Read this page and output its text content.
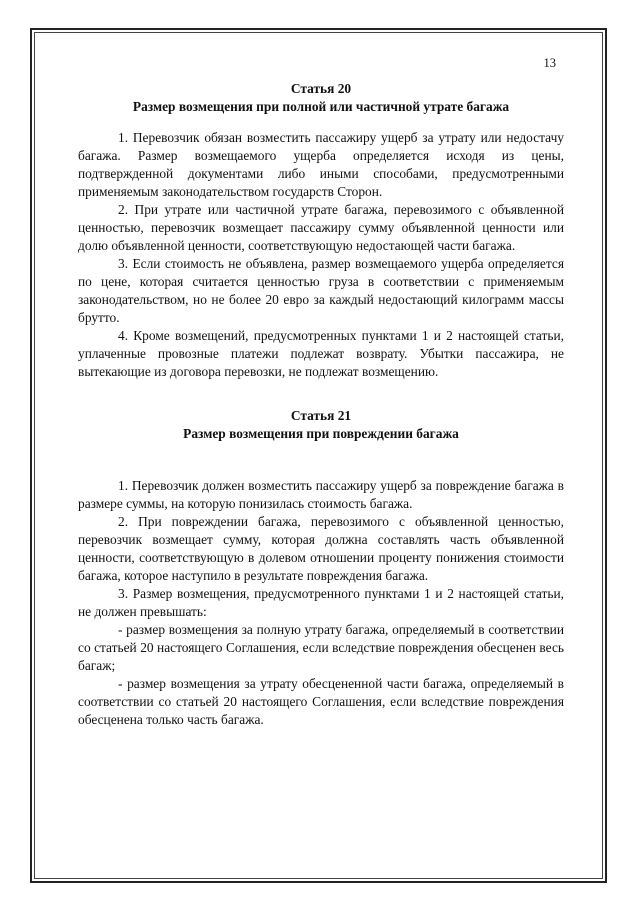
13

Статья 20

Размер возмещения при полной или частичной утрате багажа

1. Перевозчик обязан возместить пассажиру ущерб за утрату или недостачу багажа. Размер возмещаемого ущерба определяется исходя из цены, подтвержденной документами либо иными способами, предусмотренными применяемым законодательством государств Сторон.

2. При утрате или частичной утрате багажа, перевозимого с объявленной ценностью, перевозчик возмещает пассажиру сумму объявленной ценности или долю объявленной ценности, соответствующую недостающей части багажа.

3. Если стоимость не объявлена, размер возмещаемого ущерба определяется по цене, которая считается ценностью груза в соответствии с применяемым законодательством, но не более 20 евро за каждый недостающий килограмм массы брутто.

4. Кроме возмещений, предусмотренных пунктами 1 и 2 настоящей статьи, уплаченные провозные платежи подлежат возврату. Убытки пассажира, не вытекающие из договора перевозки, не подлежат возмещению.

Статья 21

Размер возмещения при повреждении багажа

1. Перевозчик должен возместить пассажиру ущерб за повреждение багажа в размере суммы, на которую понизилась стоимость багажа.

2. При повреждении багажа, перевозимого с объявленной ценностью, перевозчик возмещает сумму, которая должна составлять часть объявленной ценности, соответствующую в долевом отношении проценту понижения стоимости багажа, которое наступило в результате повреждения багажа.

3. Размер возмещения, предусмотренного пунктами 1 и 2 настоящей статьи, не должен превышать:

- размер возмещения за полную утрату багажа, определяемый в соответствии со статьей 20 настоящего Соглашения, если вследствие повреждения обесценен весь багаж;

- размер возмещения за утрату обесцененной части багажа, определяемый в соответствии со статьей 20 настоящего Соглашения, если вследствие повреждения обесценена только часть багажа.
